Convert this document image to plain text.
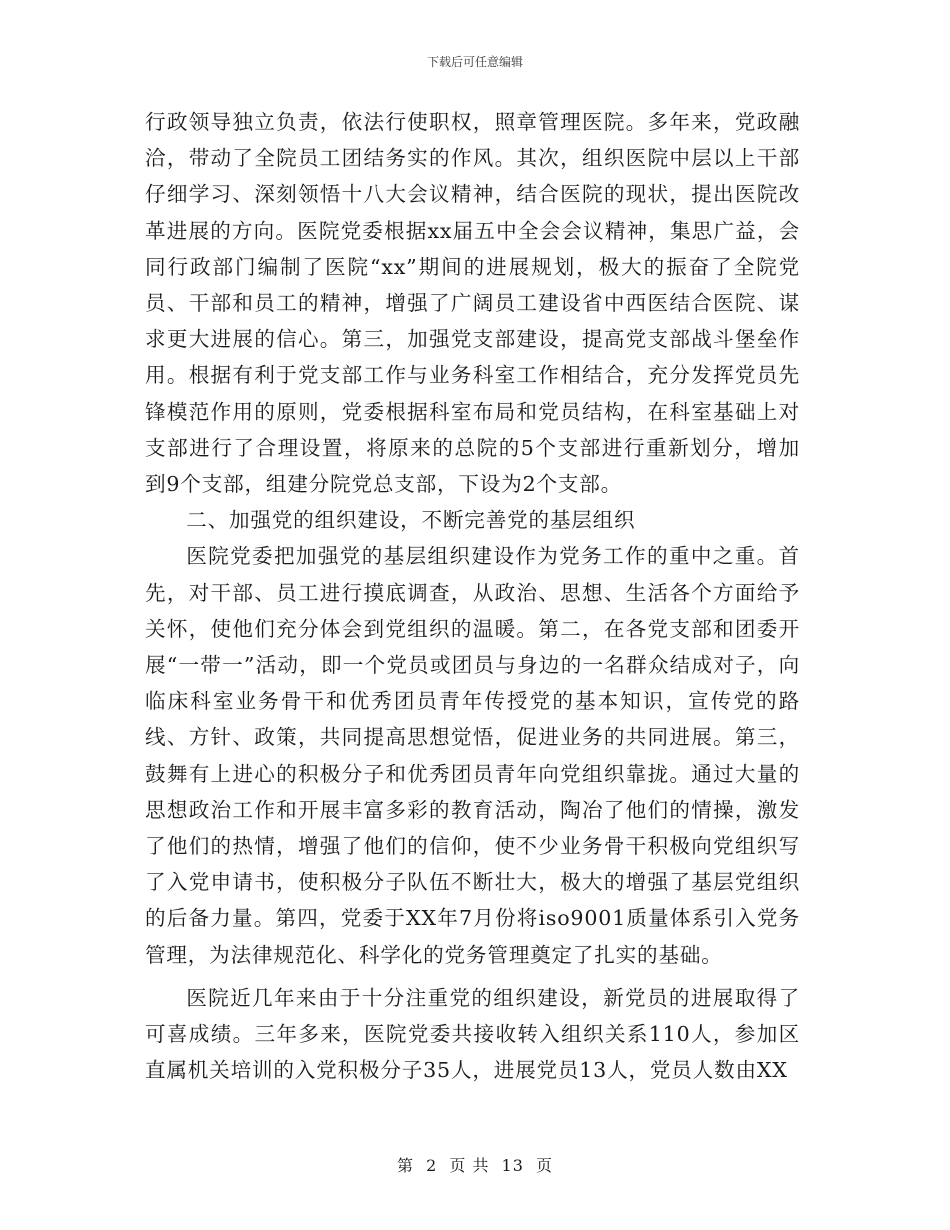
下载后可任意编辑

行政领导独立负责，依法行使职权，照章管理医院。多年来，党政融洽，带动了全院员工团结务实的作风。其次，组织医院中层以上干部仔细学习、深刻领悟十八大会议精神，结合医院的现状，提出医院改革进展的方向。医院党委根据xx届五中全会会议精神，集思广益，会同行政部门编制了医院“xx”期间的进展规划，极大的振奋了全院党员、干部和员工的精神，增强了广阔员工建设省中西医结合医院、谋求更大进展的信心。第三，加强党支部建设，提高党支部战斗堡垒作用。根据有利于党支部工作与业务科室工作相结合，充分发挥党员先锋模范作用的原则，党委根据科室布局和党员结构，在科室基础上对支部进行了合理设置，将原来的总院的5个支部进行重新划分，增加到9个支部，组建分院党总支部，下设为2个支部。

二、加强党的组织建设，不断完善党的基层组织

医院党委把加强党的基层组织建设作为党务工作的重中之重。首先，对干部、员工进行摸底调查，从政治、思想、生活各个方面给予关怀，使他们充分体会到党组织的温暖。第二，在各党支部和团委开展“一带一”活动，即一个党员或团员与身边的一名群众结成对子，向临床科室业务骨干和优秀团员青年传授党的基本知识，宣传党的路线、方针、政策，共同提高思想觉悟，促进业务的共同进展。第三，鼓舞有上进心的积极分子和优秀团员青年向党组织靠拢。通过大量的思想政治工作和开展丰富多彩的教育活动，陶冶了他们的情操，激发了他们的热情，增强了他们的信仰，使不少业务骨干积极向党组织写了入党申请书，使积极分子队伍不断壮大，极大的增强了基层党组织的后备力量。第四，党委于XX年7月份将iso9001质量体系引入党务管理，为法律规范化、科学化的党务管理奠定了扎实的基础。

医院近几年来由于十分注重党的组织建设，新党员的进展取得了可喜成绩。三年多来，医院党委共接收转入组织关系110人，参加区直属机关培训的入党积极分子35人，进展党员13人，党员人数由XX

第 2 页 共 13 页
